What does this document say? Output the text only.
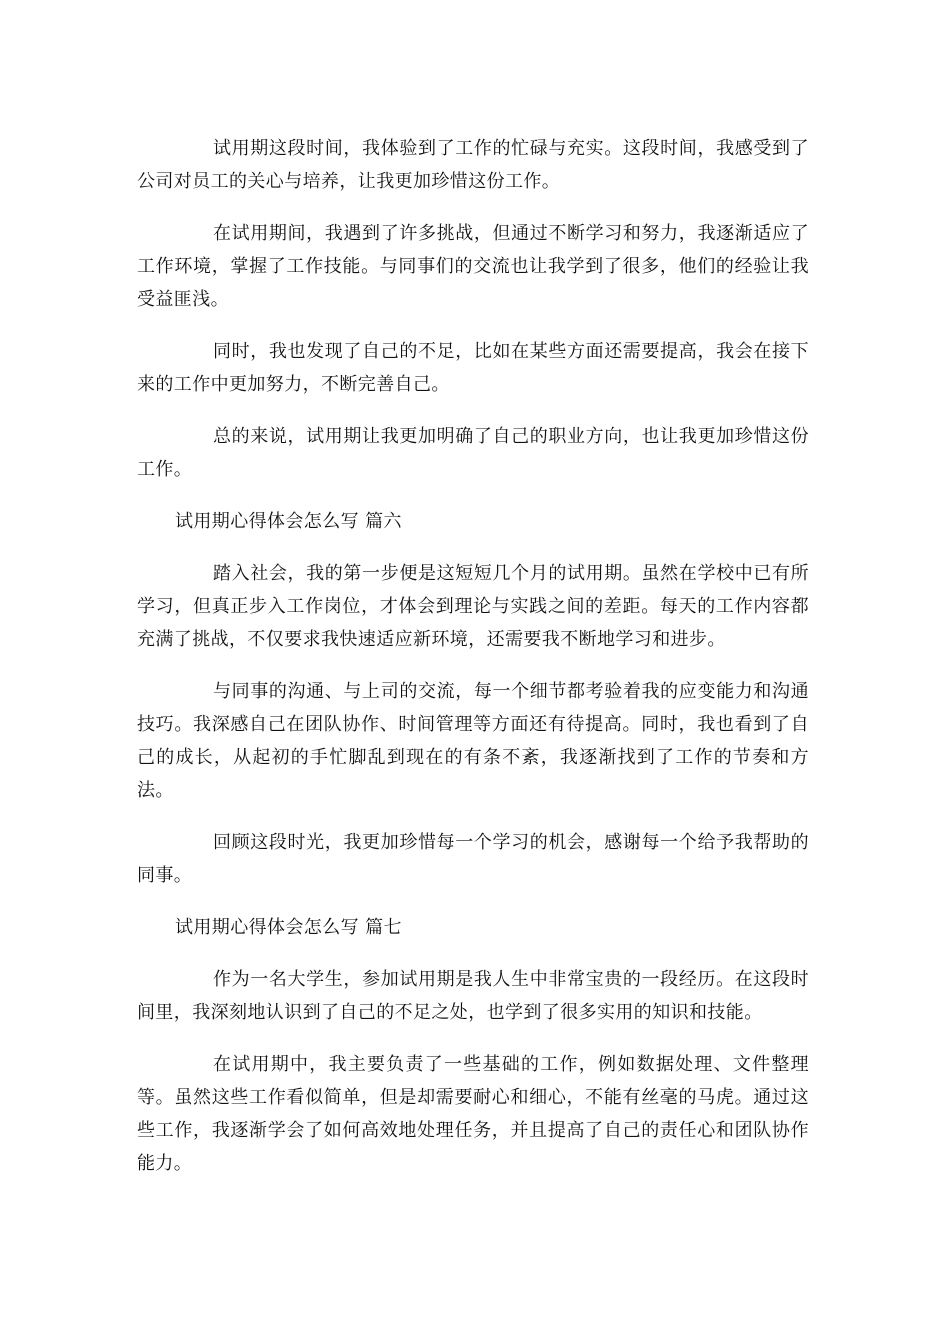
试用期这段时间，我体验到了工作的忙碌与充实。这段时间，我感受到了公司对员工的关心与培养，让我更加珍惜这份工作。

在试用期间，我遇到了许多挑战，但通过不断学习和努力，我逐渐适应了工作环境，掌握了工作技能。与同事们的交流也让我学到了很多，他们的经验让我受益匪浅。

同时，我也发现了自己的不足，比如在某些方面还需要提高，我会在接下来的工作中更加努力，不断完善自己。

总的来说，试用期让我更加明确了自己的职业方向，也让我更加珍惜这份工作。

试用期心得体会怎么写 篇六

踏入社会，我的第一步便是这短短几个月的试用期。虽然在学校中已有所学习，但真正步入工作岗位，才体会到理论与实践之间的差距。每天的工作内容都充满了挑战，不仅要求我快速适应新环境，还需要我不断地学习和进步。

与同事的沟通、与上司的交流，每一个细节都考验着我的应变能力和沟通技巧。我深感自己在团队协作、时间管理等方面还有待提高。同时，我也看到了自己的成长，从起初的手忙脚乱到现在的有条不紊，我逐渐找到了工作的节奏和方法。

回顾这段时光，我更加珍惜每一个学习的机会，感谢每一个给予我帮助的同事。

试用期心得体会怎么写 篇七

作为一名大学生，参加试用期是我人生中非常宝贵的一段经历。在这段时间里，我深刻地认识到了自己的不足之处，也学到了很多实用的知识和技能。

在试用期中，我主要负责了一些基础的工作，例如数据处理、文件整理等。虽然这些工作看似简单，但是却需要耐心和细心，不能有丝毫的马虎。通过这些工作，我逐渐学会了如何高效地处理任务，并且提高了自己的责任心和团队协作能力。
